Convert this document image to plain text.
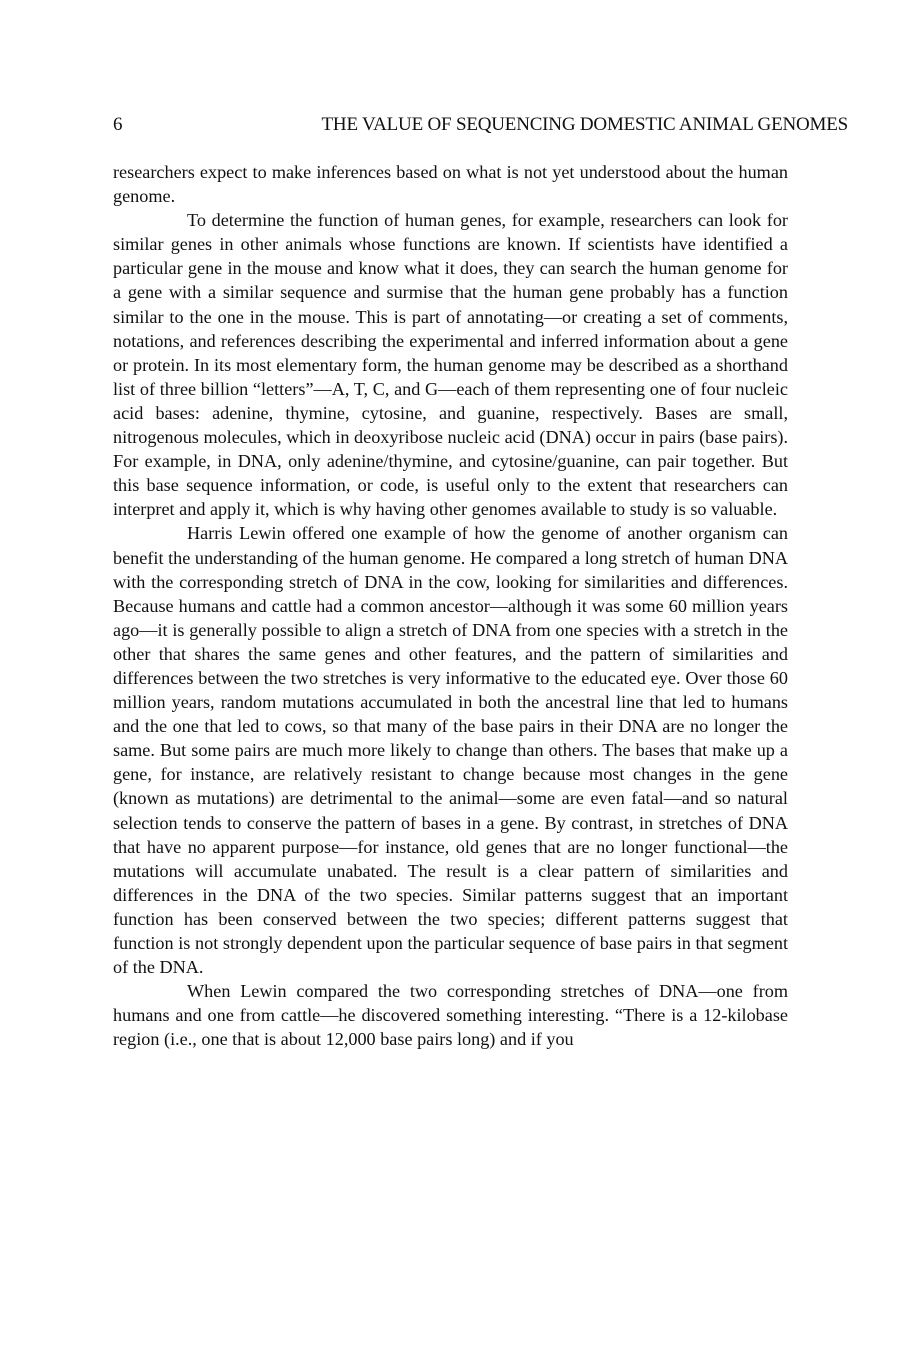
6	THE VALUE OF SEQUENCING DOMESTIC ANIMAL GENOMES

researchers expect to make inferences based on what is not yet understood about the human genome.

To determine the function of human genes, for example, researchers can look for similar genes in other animals whose functions are known. If scientists have identified a particular gene in the mouse and know what it does, they can search the human genome for a gene with a similar sequence and surmise that the human gene probably has a function similar to the one in the mouse. This is part of annotating—or creating a set of comments, notations, and references describing the experimental and inferred information about a gene or protein. In its most elementary form, the human genome may be described as a shorthand list of three billion “letters”—A, T, C, and G—each of them representing one of four nucleic acid bases: adenine, thymine, cytosine, and guanine, respectively. Bases are small, nitrogenous molecules, which in deoxyribose nucleic acid (DNA) occur in pairs (base pairs). For example, in DNA, only adenine/thymine, and cytosine/guanine, can pair together. But this base sequence information, or code, is useful only to the extent that researchers can interpret and apply it, which is why having other genomes available to study is so valuable.

Harris Lewin offered one example of how the genome of another organism can benefit the understanding of the human genome. He compared a long stretch of human DNA with the corresponding stretch of DNA in the cow, looking for similarities and differences. Because humans and cattle had a common ancestor—although it was some 60 million years ago—it is generally possible to align a stretch of DNA from one species with a stretch in the other that shares the same genes and other features, and the pattern of similarities and differences between the two stretches is very informative to the educated eye. Over those 60 million years, random mutations accumulated in both the ancestral line that led to humans and the one that led to cows, so that many of the base pairs in their DNA are no longer the same. But some pairs are much more likely to change than others. The bases that make up a gene, for instance, are relatively resistant to change because most changes in the gene (known as mutations) are detrimental to the animal—some are even fatal—and so natural selection tends to conserve the pattern of bases in a gene. By contrast, in stretches of DNA that have no apparent purpose—for instance, old genes that are no longer functional—the mutations will accumulate unabated. The result is a clear pattern of similarities and differences in the DNA of the two species. Similar patterns suggest that an important function has been conserved between the two species; different patterns suggest that function is not strongly dependent upon the particular sequence of base pairs in that segment of the DNA.

When Lewin compared the two corresponding stretches of DNA—one from humans and one from cattle—he discovered something interesting. “There is a 12-kilobase region (i.e., one that is about 12,000 base pairs long) and if you
